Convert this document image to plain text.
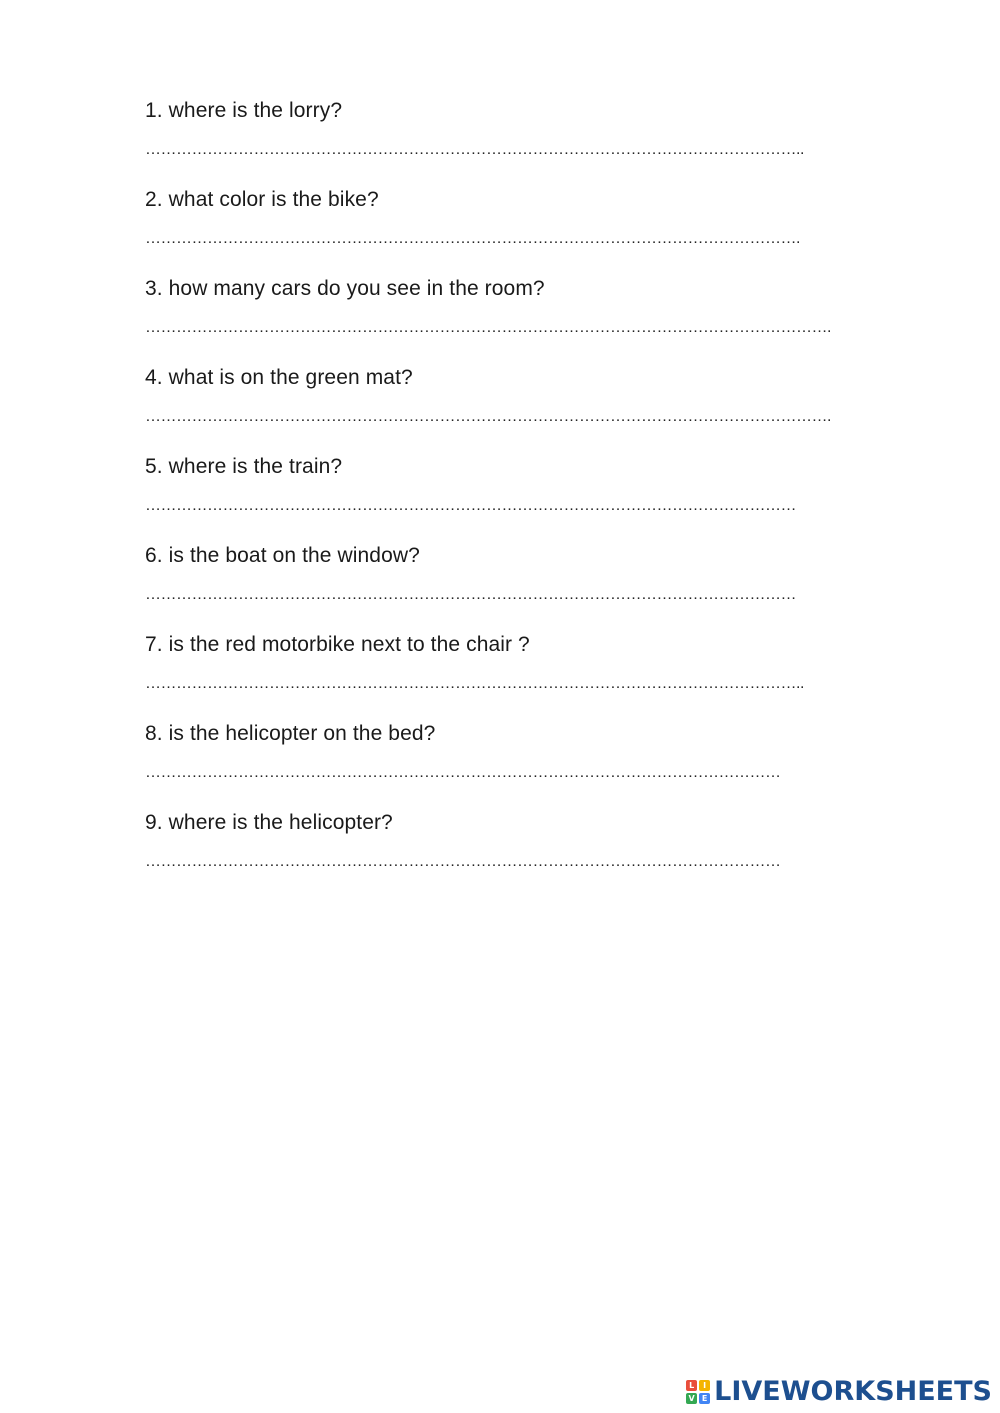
1. where is the lorry?
………………………………………………………………………………………………………………..
2. what color is the bike?
……………………………………………………………………………………………………………….
3. how many cars do you see in the room?
…………………………………………………………………………………………………………………….
4. what is on the green mat?
…………………………………………………………………………………………………………………….
5. where is the train?
………………………………………………………………………………………………………………
6. is the boat on the window?
………………………………………………………………………………………………………………
7. is the red motorbike next to the chair ?
………………………………………………………………………………………………………………..
8. is the helicopter on the bed?
……………………………………………………………………………………………………………
9. where is the helicopter?
……………………………………………………………………………………………………………
L	I
V E LIVEWORKSHEETS
